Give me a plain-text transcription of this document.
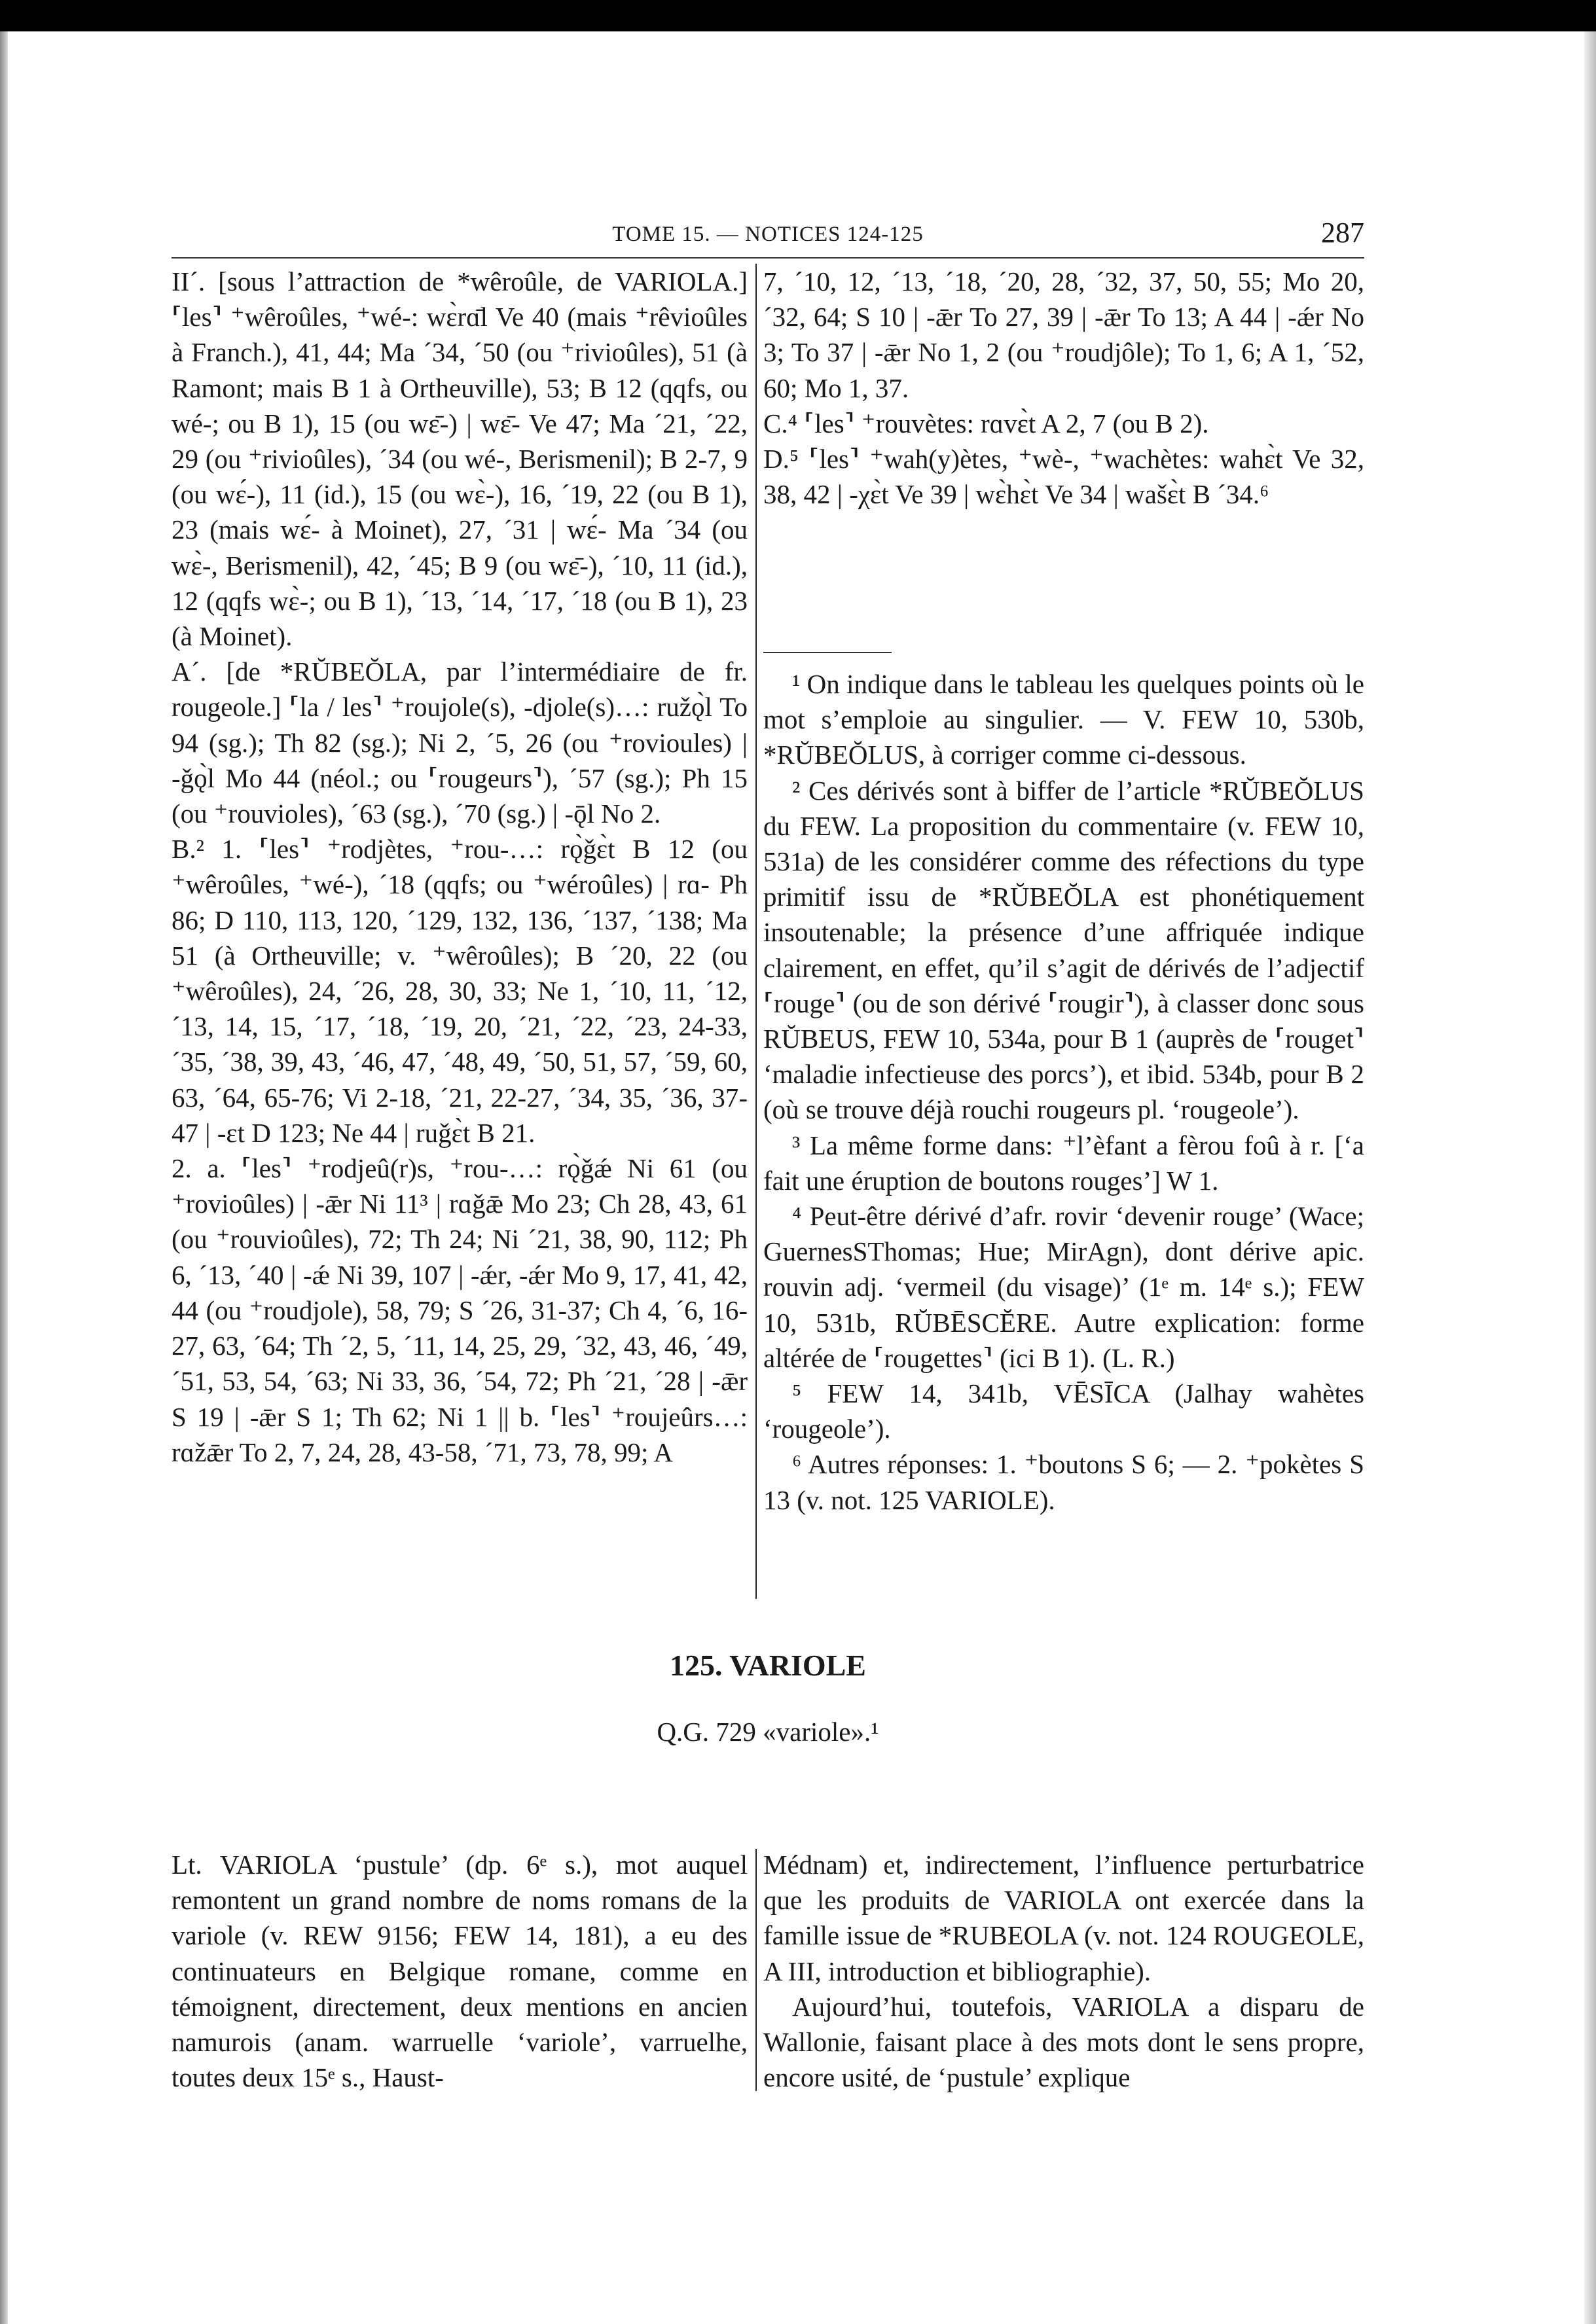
TOME 15. — NOTICES 124-125	287

II´. [sous l’attraction de *wêroûle, de VARIOLA.] ⸢les⸣ ⁺wêroûles, ⁺wé-: wɛ̀rɑ̄l Ve 40 (mais ⁺rêvioûles à Franch.), 41, 44; Ma ´34, ´50 (ou ⁺rivioûles), 51 (à Ramont; mais B 1 à Ortheuville), 53; B 12 (qqfs, ou wé-; ou B 1), 15 (ou wɛ̄-) | wɛ̄- Ve 47; Ma ´21, ´22, 29 (ou ⁺rivioûles), ´34 (ou wé-, Berismenil); B 2-7, 9 (ou wɛ́-), 11 (id.), 15 (ou wɛ̀-), 16, ´19, 22 (ou B 1), 23 (mais wɛ́- à Moinet), 27, ´31 | wɛ́- Ma ´34 (ou wɛ̀-, Berismenil), 42, ´45; B 9 (ou wɛ̄-), ´10, 11 (id.), 12 (qqfs wɛ̀-; ou B 1), ´13, ´14, ´17, ´18 (ou B 1), 23 (à Moinet).

A´. [de *RŬBEŎLA, par l’intermédiaire de fr. rougeole.] ⸢la / les⸣ ⁺roujole(s), -djole(s)…: ružǫ̀l To 94 (sg.); Th 82 (sg.); Ni 2, ´5, 26 (ou ⁺rovioules) | -ǧǫ̀l Mo 44 (néol.; ou ⸢rougeurs⸣), ´57 (sg.); Ph 15 (ou ⁺rouvioles), ´63 (sg.), ´70 (sg.) | -ǭl No 2.

B.² 1. ⸢les⸣ ⁺rodjètes, ⁺rou-…: rǫ̀ǧɛ̀t B 12 (ou ⁺wêroûles, ⁺wé-), ´18 (qqfs; ou ⁺wéroûles) | rɑ- Ph 86; D 110, 113, 120, ´129, 132, 136, ´137, ´138; Ma 51 (à Ortheuville; v. ⁺wêroûles); B ´20, 22 (ou ⁺wêroûles), 24, ´26, 28, 30, 33; Ne 1, ´10, 11, ´12, ´13, 14, 15, ´17, ´18, ´19, 20, ´21, ´22, ´23, 24-33, ´35, ´38, 39, 43, ´46, 47, ´48, 49, ´50, 51, 57, ´59, 60, 63, ´64, 65-76; Vi 2-18, ´21, 22-27, ´34, 35, ´36, 37-47 | -ɛt D 123; Ne 44 | ruǧɛ̀t B 21.

2. a. ⸢les⸣ ⁺rodjeû(r)s, ⁺rou-…: rǫ̀ǧǽ Ni 61 (ou ⁺rovioûles) | -ǣr Ni 11³ | rɑǧǣ Mo 23; Ch 28, 43, 61 (ou ⁺rouvioûles), 72; Th 24; Ni ´21, 38, 90, 112; Ph 6, ´13, ´40 | -ǽ Ni 39, 107 | -ǽr, -ǽr Mo 9, 17, 41, 42, 44 (ou ⁺roudjole), 58, 79; S ´26, 31-37; Ch 4, ´6, 16-27, 63, ´64; Th ´2, 5, ´11, 14, 25, 29, ´32, 43, 46, ´49, ´51, 53, 54, ´63; Ni 33, 36, ´54, 72; Ph ´21, ´28 | -ǣr S 19 | -ǣr S 1; Th 62; Ni 1 || b. ⸢les⸣ ⁺roujeûrs…: rɑžǣr To 2, 7, 24, 28, 43-58, ´71, 73, 78, 99; A

7, ´10, 12, ´13, ´18, ´20, 28, ´32, 37, 50, 55; Mo 20, ´32, 64; S 10 | -ǣr To 27, 39 | -ǣr To 13; A 44 | -ǽr No 3; To 37 | -ǣr No 1, 2 (ou ⁺roudjôle); To 1, 6; A 1, ´52, 60; Mo 1, 37.

C.⁴ ⸢les⸣ ⁺rouvètes: rɑvɛ̀t A 2, 7 (ou B 2).

D.⁵ ⸢les⸣ ⁺wah(y)ètes, ⁺wè-, ⁺wachètes: wahɛ̀t Ve 32, 38, 42 | -χɛ̀t Ve 39 | wɛ̀hɛ̀t Ve 34 | wašɛ̀t B ´34.⁶

¹ On indique dans le tableau les quelques points où le mot s’emploie au singulier. — V. FEW 10, 530b, *RŬBEŎLUS, à corriger comme ci-dessous.

² Ces dérivés sont à biffer de l’article *RŬBEŎLUS du FEW. La proposition du commentaire (v. FEW 10, 531a) de les considérer comme des réfections du type primitif issu de *RŬBEŎLA est phonétiquement insoutenable; la présence d’une affriquée indique clairement, en effet, qu’il s’agit de dérivés de l’adjectif ⸢rouge⸣ (ou de son dérivé ⸢rougir⸣), à classer donc sous RŬBEUS, FEW 10, 534a, pour B 1 (auprès de ⸢rouget⸣ ‘maladie infectieuse des porcs’), et ibid. 534b, pour B 2 (où se trouve déjà rouchi rougeurs pl. ‘rougeole’).

³ La même forme dans: ⁺l’èfant a fèrou foû à r. [‘a fait une éruption de boutons rouges’] W 1.

⁴ Peut-être dérivé d’afr. rovir ‘devenir rouge’ (Wace; GuernesSThomas; Hue; MirAgn), dont dérive apic. rouvin adj. ‘vermeil (du visage)’ (1ᵉ m. 14ᵉ s.); FEW 10, 531b, RŬBĒSCĔRE. Autre explication: forme altérée de ⸢rougettes⸣ (ici B 1). (L. R.)

⁵ FEW 14, 341b, VĒSĪCA (Jalhay wahètes ‘rougeole’).

⁶ Autres réponses: 1. ⁺boutons S 6; — 2. ⁺pokètes S 13 (v. not. 125 VARIOLE).

125. VARIOLE
Q.G. 729 «variole».¹

Lt. VARIOLA ‘pustule’ (dp. 6ᵉ s.), mot auquel remontent un grand nombre de noms romans de la variole (v. REW 9156; FEW 14, 181), a eu des continuateurs en Belgique romane, comme en témoignent, directement, deux mentions en ancien namurois (anam. warruelle ‘variole’, varruelhe, toutes deux 15ᵉ s., Haust-

Médnam) et, indirectement, l’influence perturbatrice que les produits de VARIOLA ont exercée dans la famille issue de *RUBEOLA (v. not. 124 ROUGEOLE, A III, introduction et bibliographie).

Aujourd’hui, toutefois, VARIOLA a disparu de Wallonie, faisant place à des mots dont le sens propre, encore usité, de ‘pustule’ explique
